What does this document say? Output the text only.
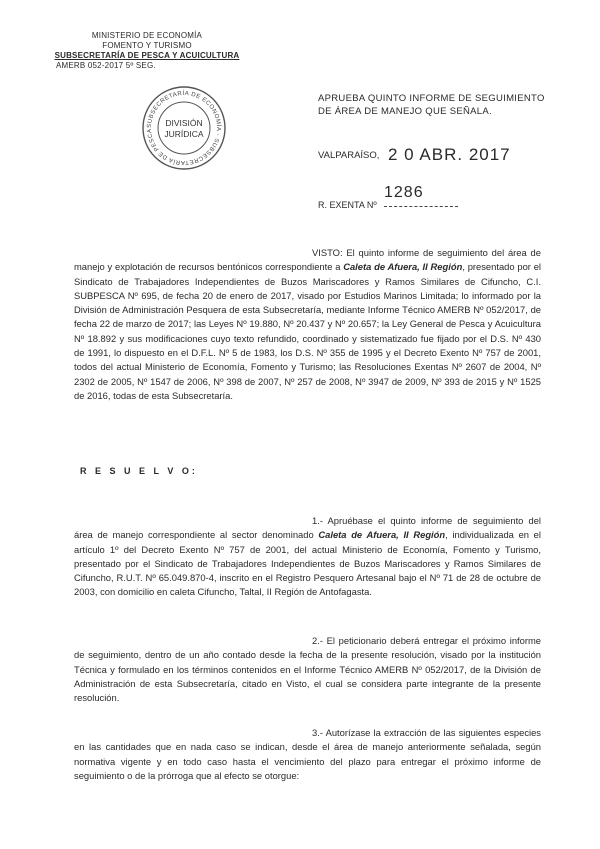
MINISTERIO DE ECONOMÍA
FOMENTO Y TURISMO
SUBSECRETARÍA DE PESCA Y ACUICULTURA
AMERB 052-2017 5º SEG.
SUBSECRETARÍA DE ECONOMÍA - SUBSECRETARÍA DE PESCA
DIVISIÓN
JURÍDICA
APRUEBA QUINTO INFORME DE SEGUIMIENTO DE ÁREA DE MANEJO QUE SEÑALA.
VALPARAÍSO, 2 0 ABR. 2017
1286
R. EXENTA Nº
VISTO: El quinto informe de seguimiento del área de manejo y explotación de recursos bentónicos correspondiente a Caleta de Afuera, II Región, presentado por el Sindicato de Trabajadores Independientes de Buzos Mariscadores y Ramos Similares de Cifuncho, C.I. SUBPESCA Nº 695, de fecha 20 de enero de 2017, visado por Estudios Marinos Limitada; lo informado por la División de Administración Pesquera de esta Subsecretaría, mediante Informe Técnico AMERB Nº 052/2017, de fecha 22 de marzo de 2017; las Leyes Nº 19.880, Nº 20.437 y Nº 20.657; la Ley General de Pesca y Acuicultura Nº 18.892 y sus modificaciones cuyo texto refundido, coordinado y sistematizado fue fijado por el D.S. Nº 430 de 1991, lo dispuesto en el D.F.L. Nº 5 de 1983, los D.S. Nº 355 de 1995 y el Decreto Exento Nº 757 de 2001, todos del actual Ministerio de Economía, Fomento y Turismo; las Resoluciones Exentas Nº 2607 de 2004, Nº 2302 de 2005, Nº 1547 de 2006, Nº 398 de 2007, Nº 257 de 2008, Nº 3947 de 2009, Nº 393 de 2015 y Nº 1525 de 2016, todas de esta Subsecretaría.
R E S U E L V O:
1.- Apruébase el quinto informe de seguimiento del área de manejo correspondiente al sector denominado Caleta de Afuera, II Región, individualizada en el artículo 1º del Decreto Exento Nº 757 de 2001, del actual Ministerio de Economía, Fomento y Turismo, presentado por el Sindicato de Trabajadores Independientes de Buzos Mariscadores y Ramos Similares de Cifuncho, R.U.T. Nº 65.049.870-4, inscrito en el Registro Pesquero Artesanal bajo el Nº 71 de 28 de octubre de 2003, con domicilio en caleta Cifuncho, Taltal, II Región de Antofagasta.
2.- El peticionario deberá entregar el próximo informe de seguimiento, dentro de un año contado desde la fecha de la presente resolución, visado por la institución Técnica y formulado en los términos contenidos en el Informe Técnico AMERB Nº 052/2017, de la División de Administración de esta Subsecretaría, citado en Visto, el cual se considera parte integrante de la presente resolución.
3.- Autorízase la extracción de las siguientes especies en las cantidades que en nada caso se indican, desde el área de manejo anteriormente señalada, según normativa vigente y en todo caso hasta el vencimiento del plazo para entregar el próximo informe de seguimiento o de la prórroga que al efecto se otorgue:
